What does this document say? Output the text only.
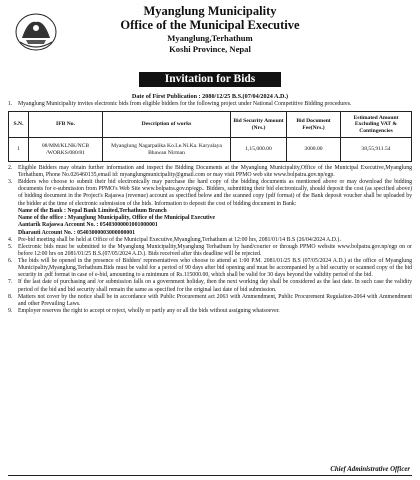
Myanglung Municipality
Office of the Municipal Executive
Myanglung,Terhathum
Koshi Province, Nepal
Invitation for Bids
Date of First Publication : 2080/12/25 B.S.(07/04/2024 A.D.)
1. Myanglung Municipality invites electronic bids from eligible bidders for the following project under National Competitive Bidding procedures.
S.N.	IFB No.	Description of works	Bid Security Amount (Nrs.)	Bid Document Fee(Nrs.)	Estimated Amount Excluding VAT & Contingencies
1	08/MM/KLNK/NCB /WORKS/080/81	Myanglung Nagarpalika Ko.Le.Ni.Ka. Karyalaya Bhawan Nirman	1,15,000.00	3000.00	38,55,911.54
2. Eligible Bidders may obtain further information and inspect the Bidding Documents at the Myanglung Municipality,Office of the Municipal Executive,Myanglung Terhathum, Phone No.026460135,email id: myanglungmunicipality@gmail.com or may visit PPMO web site www.bolpatra.gov.np/egp.
3. Bidders who choose to submit their bid electronically may purchase the hard copy of the bidding documents as mentioned above or may download the bidding documents for e-submission from PPMO's Web Site www.bolpatra.gov.np/egp.. Bidders, submitting their bid electronically, should deposit the cost (as specified above) of bidding document in the Project's Rajaswa (revenue) account as specified below and the scanned copy (pdf format) of the Bank deposit voucher shall be uploaded by the bidder at the time of electronic submission of the bids. Information to deposit the cost of bidding document in Bank:
Name of the Bank : Nepal Bank Limited,Terhathum Branch
Name of the office : Myanglung Municipality, Office of the Municipal Executive
Aantarik Rajaswa Account No. : 05403000001001000001
Dharauti Account No. : 05403000003000000001
4. Pre-bid meeting shall be held at Office of the Municipal Executive,Myanglung,Terhathum at 12:00 hrs, 2081/01/14 B.S (26/04/2024 A.D.).
5. Electronic bids must be submitted to the Myanglung Municipality,Myanglung Terhathum by hand/courier or through PPMO website www.bolpatra.gov.np/egp on or before 12:00 hrs on 2081/01/25 B.S.(07/05/2024 A.D.). Bids received after this deadline will be rejected.
6. The bids will be opened in the presence of Bidders' representatives who choose to attend at 1:00 P.M. 2081/01/25 B.S (07/05/2024 A.D.) at the office of Myanglung Municipality,Myanglung,Terhathum.Bids must be valid for a period of 90 days after bid opening and must be accompanied by a bid security or scanned copy of the bid security in .pdf format in case of e-bid, amounting to a minimum of Rs.115000.00, which shall be valid for 30 days beyond the validity period of the bid.
7. If the last date of purchasing and /or submission falls on a government holiday, then the next working day shall be considered as the last date. In such case the validity period of the bid and bid security shall remain the same as specified for the original last date of bid submission.
8. Matters not cover by the notice shall be in accordance with Public Procurement act 2063 with Ammendment, Public Procurement Regulation-2064 with Ammendment and other Prevailing Laws.
9. Employer reserves the right to accept or reject, wholly or partly any or all the bids without assigning whatsoever.
Chief Administrative Officer
